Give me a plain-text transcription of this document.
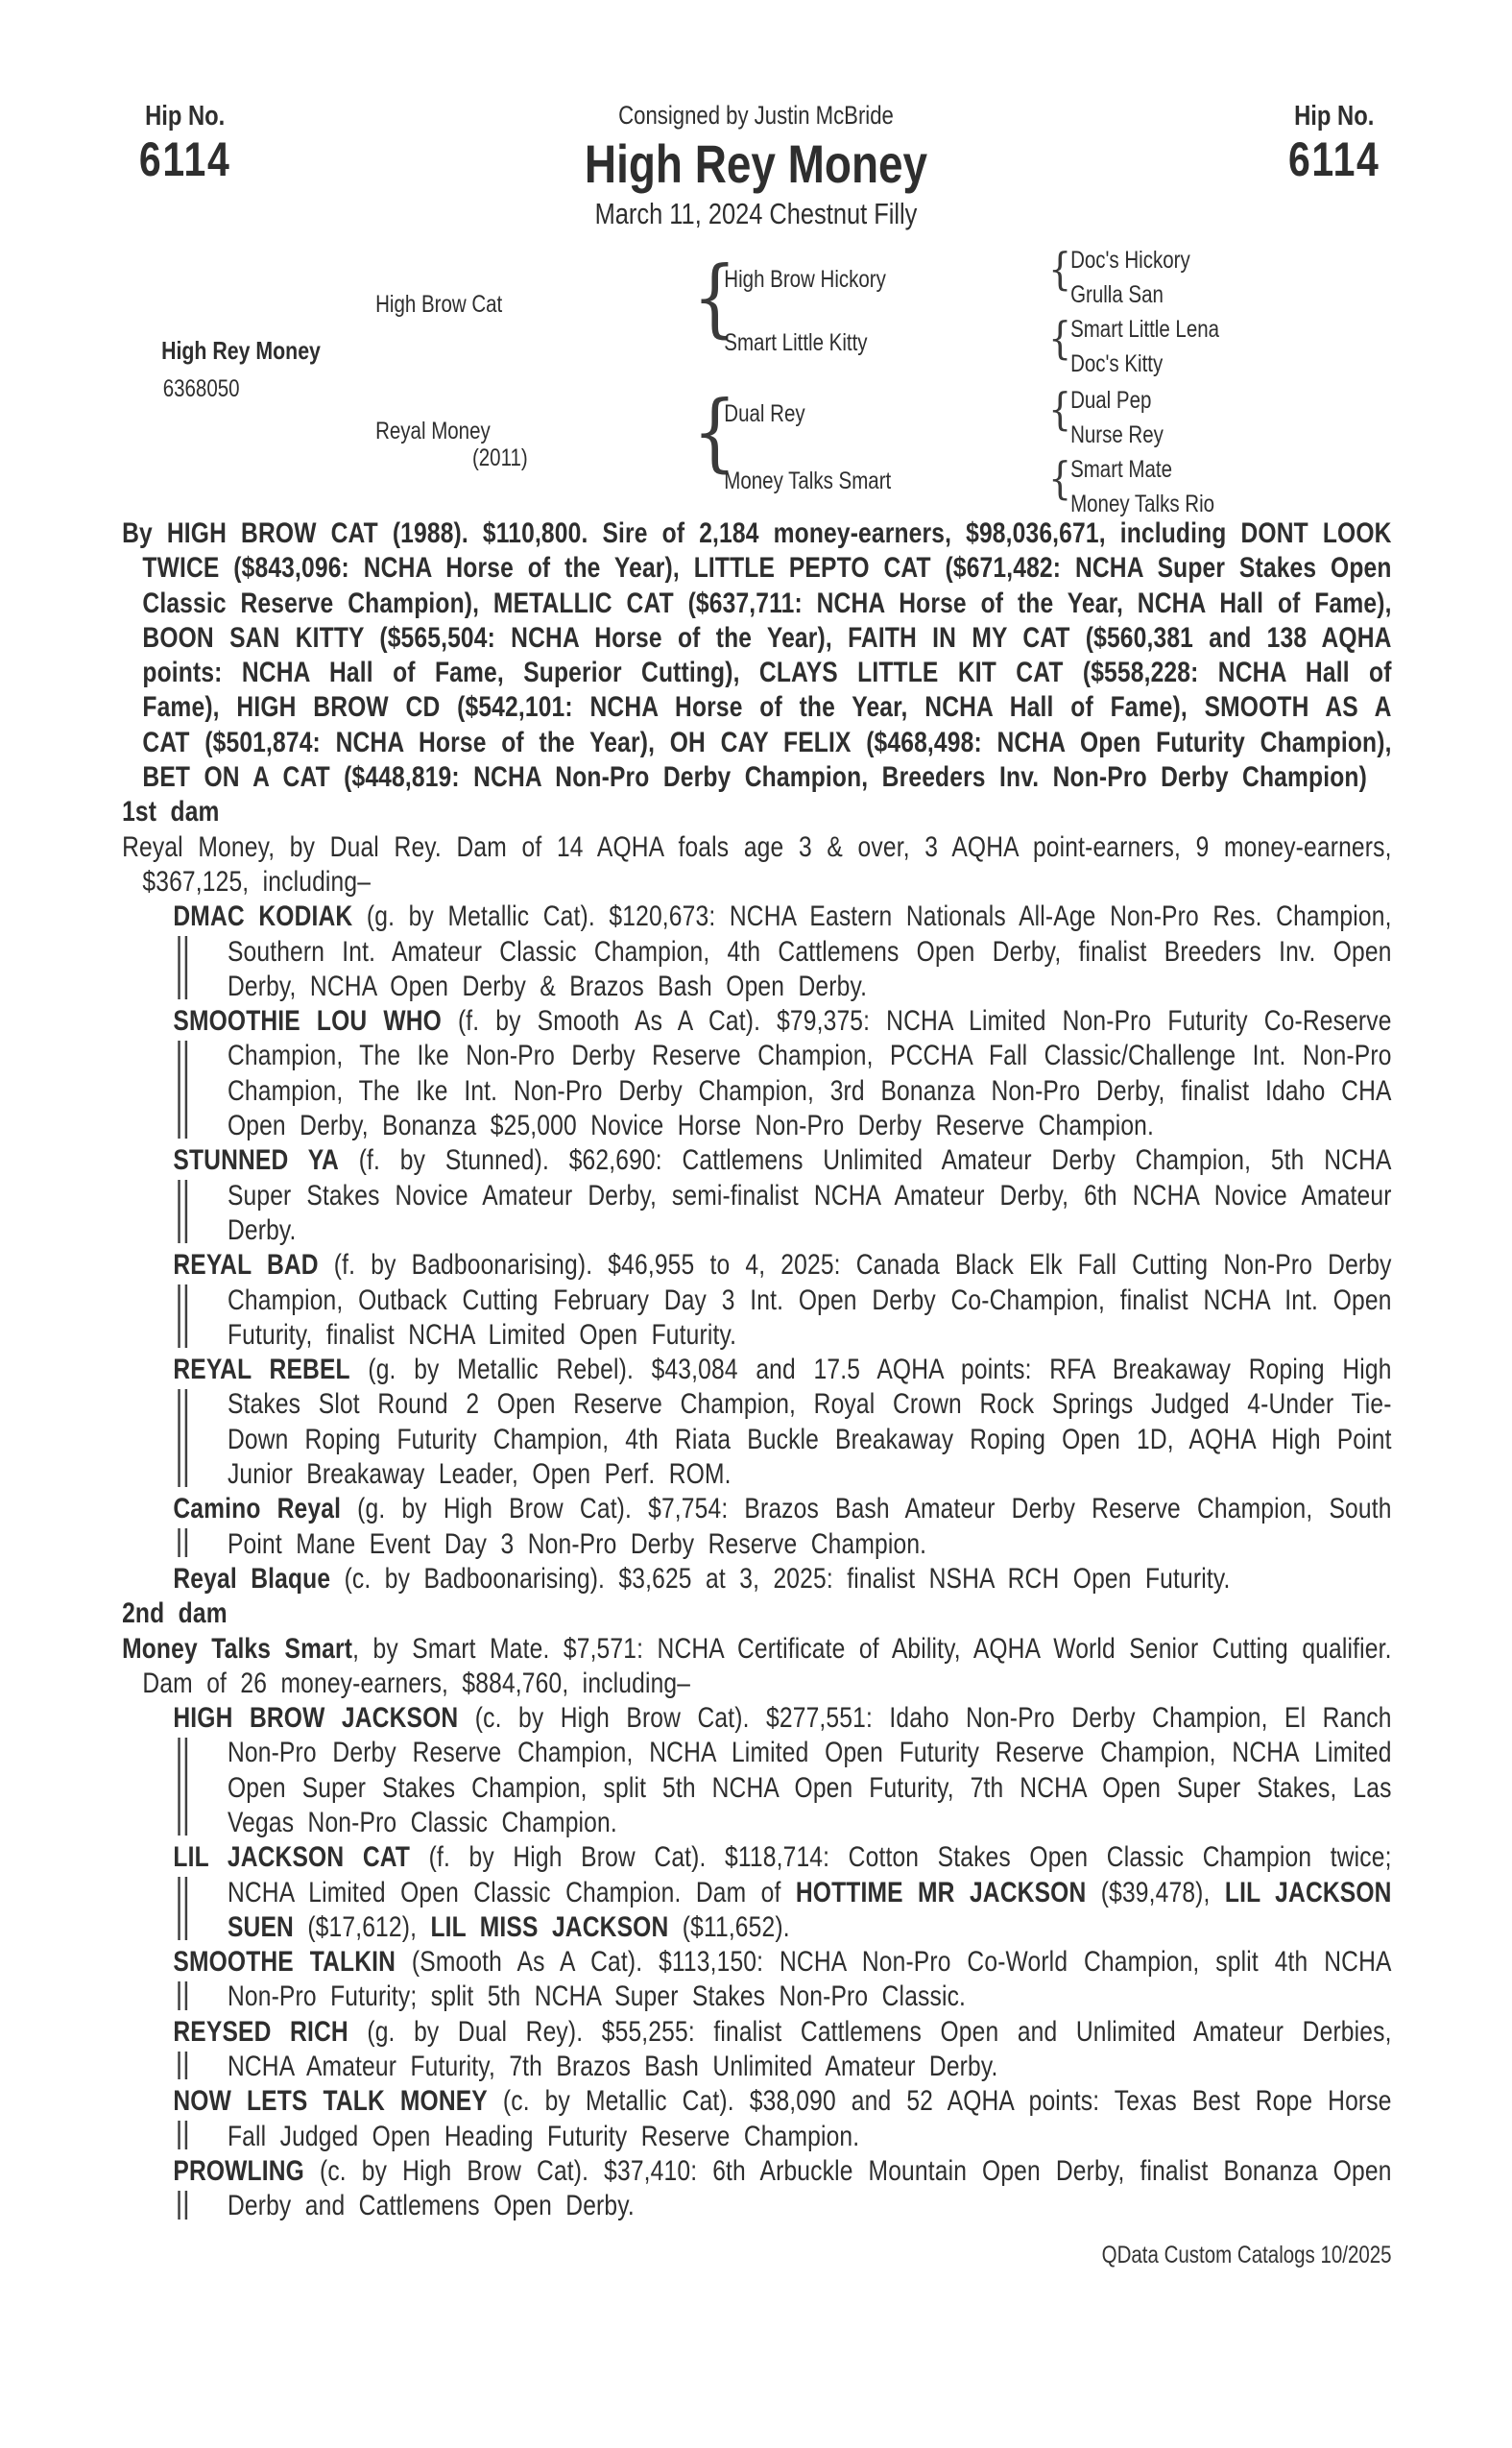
Hip No.
6114
Hip No.
6114
Consigned by Justin McBride
High Rey Money
March 11, 2024 Chestnut Filly
High Rey Money
6368050
High Brow Cat
Reyal Money
(2011)
{
High Brow Hickory
Smart Little Kitty
{
Dual Rey
Money Talks Smart
{
Doc's Hickory
Grulla San
{
Smart Little Lena
Doc's Kitty
{
Dual Pep
Nurse Rey
{
Smart Mate
Money Talks Rio

By HIGH BROW CAT (1988). $110,800. Sire of 2,184 money-earners, $98,036,671, including DONT LOOK TWICE ($843,096: NCHA Horse of the Year), LITTLE PEPTO CAT ($671,482: NCHA Super Stakes Open Classic Reserve Champion), METALLIC CAT ($637,711: NCHA Horse of the Year, NCHA Hall of Fame), BOON SAN KITTY ($565,504: NCHA Horse of the Year), FAITH IN MY CAT ($560,381 and 138 AQHA points: NCHA Hall of Fame, Superior Cutting), CLAYS LITTLE KIT CAT ($558,228: NCHA Hall of Fame), HIGH BROW CD ($542,101: NCHA Horse of the Year, NCHA Hall of Fame), SMOOTH AS A CAT ($501,874: NCHA Horse of the Year), OH CAY FELIX ($468,498: NCHA Open Futurity Champion), BET ON A CAT ($448,819: NCHA Non-Pro Derby Champion, Breeders Inv. Non-Pro Derby Champion)

1st dam

Reyal Money, by Dual Rey. Dam of 14 AQHA foals age 3 & over, 3 AQHA point-earners, 9 money-earners, $367,125, including–

DMAC KODIAK (g. by Metallic Cat). $120,673: NCHA Eastern Nationals All-Age Non-Pro Res. Champion, Southern Int. Amateur Classic Champion, 4th Cattlemens Open Derby, finalist Breeders Inv. Open Derby, NCHA Open Derby & Brazos Bash Open Derby.

SMOOTHIE LOU WHO (f. by Smooth As A Cat). $79,375: NCHA Limited Non-Pro Futurity Co-Reserve Champion, The Ike Non-Pro Derby Reserve Champion, PCCHA Fall Classic/Challenge Int. Non-Pro Champion, The Ike Int. Non-Pro Derby Champion, 3rd Bonanza Non-Pro Derby, finalist Idaho CHA Open Derby, Bonanza $25,000 Novice Horse Non-Pro Derby Reserve Champion.

STUNNED YA (f. by Stunned). $62,690: Cattlemens Unlimited Amateur Derby Champion, 5th NCHA Super Stakes Novice Amateur Derby, semi-finalist NCHA Amateur Derby, 6th NCHA Novice Amateur Derby.

REYAL BAD (f. by Badboonarising). $46,955 to 4, 2025: Canada Black Elk Fall Cutting Non-Pro Derby Champion, Outback Cutting February Day 3 Int. Open Derby Co-Champion, finalist NCHA Int. Open Futurity, finalist NCHA Limited Open Futurity.

REYAL REBEL (g. by Metallic Rebel). $43,084 and 17.5 AQHA points: RFA Breakaway Roping High Stakes Slot Round 2 Open Reserve Champion, Royal Crown Rock Springs Judged 4-Under Tie-Down Roping Futurity Champion, 4th Riata Buckle Breakaway Roping Open 1D, AQHA High Point Junior Breakaway Leader, Open Perf. ROM.

Camino Reyal (g. by High Brow Cat). $7,754: Brazos Bash Amateur Derby Reserve Champion, South Point Mane Event Day 3 Non-Pro Derby Reserve Champion.

Reyal Blaque (c. by Badboonarising). $3,625 at 3, 2025: finalist NSHA RCH Open Futurity.

2nd dam

Money Talks Smart, by Smart Mate. $7,571: NCHA Certificate of Ability, AQHA World Senior Cutting qualifier. Dam of 26 money-earners, $884,760, including–

HIGH BROW JACKSON (c. by High Brow Cat). $277,551: Idaho Non-Pro Derby Champion, El Ranch Non-Pro Derby Reserve Champion, NCHA Limited Open Futurity Reserve Champion, NCHA Limited Open Super Stakes Champion, split 5th NCHA Open Futurity, 7th NCHA Open Super Stakes, Las Vegas Non-Pro Classic Champion.

LIL JACKSON CAT (f. by High Brow Cat). $118,714: Cotton Stakes Open Classic Champion twice; NCHA Limited Open Classic Champion. Dam of HOTTIME MR JACKSON ($39,478), LIL JACKSON SUEN ($17,612), LIL MISS JACKSON ($11,652).

SMOOTHE TALKIN (Smooth As A Cat). $113,150: NCHA Non-Pro Co-World Champion, split 4th NCHA Non-Pro Futurity; split 5th NCHA Super Stakes Non-Pro Classic.

REYSED RICH (g. by Dual Rey). $55,255: finalist Cattlemens Open and Unlimited Amateur Derbies, NCHA Amateur Futurity, 7th Brazos Bash Unlimited Amateur Derby.

NOW LETS TALK MONEY (c. by Metallic Cat). $38,090 and 52 AQHA points: Texas Best Rope Horse Fall Judged Open Heading Futurity Reserve Champion.

PROWLING (c. by High Brow Cat). $37,410: 6th Arbuckle Mountain Open Derby, finalist Bonanza Open Derby and Cattlemens Open Derby.

QData Custom Catalogs 10/2025
